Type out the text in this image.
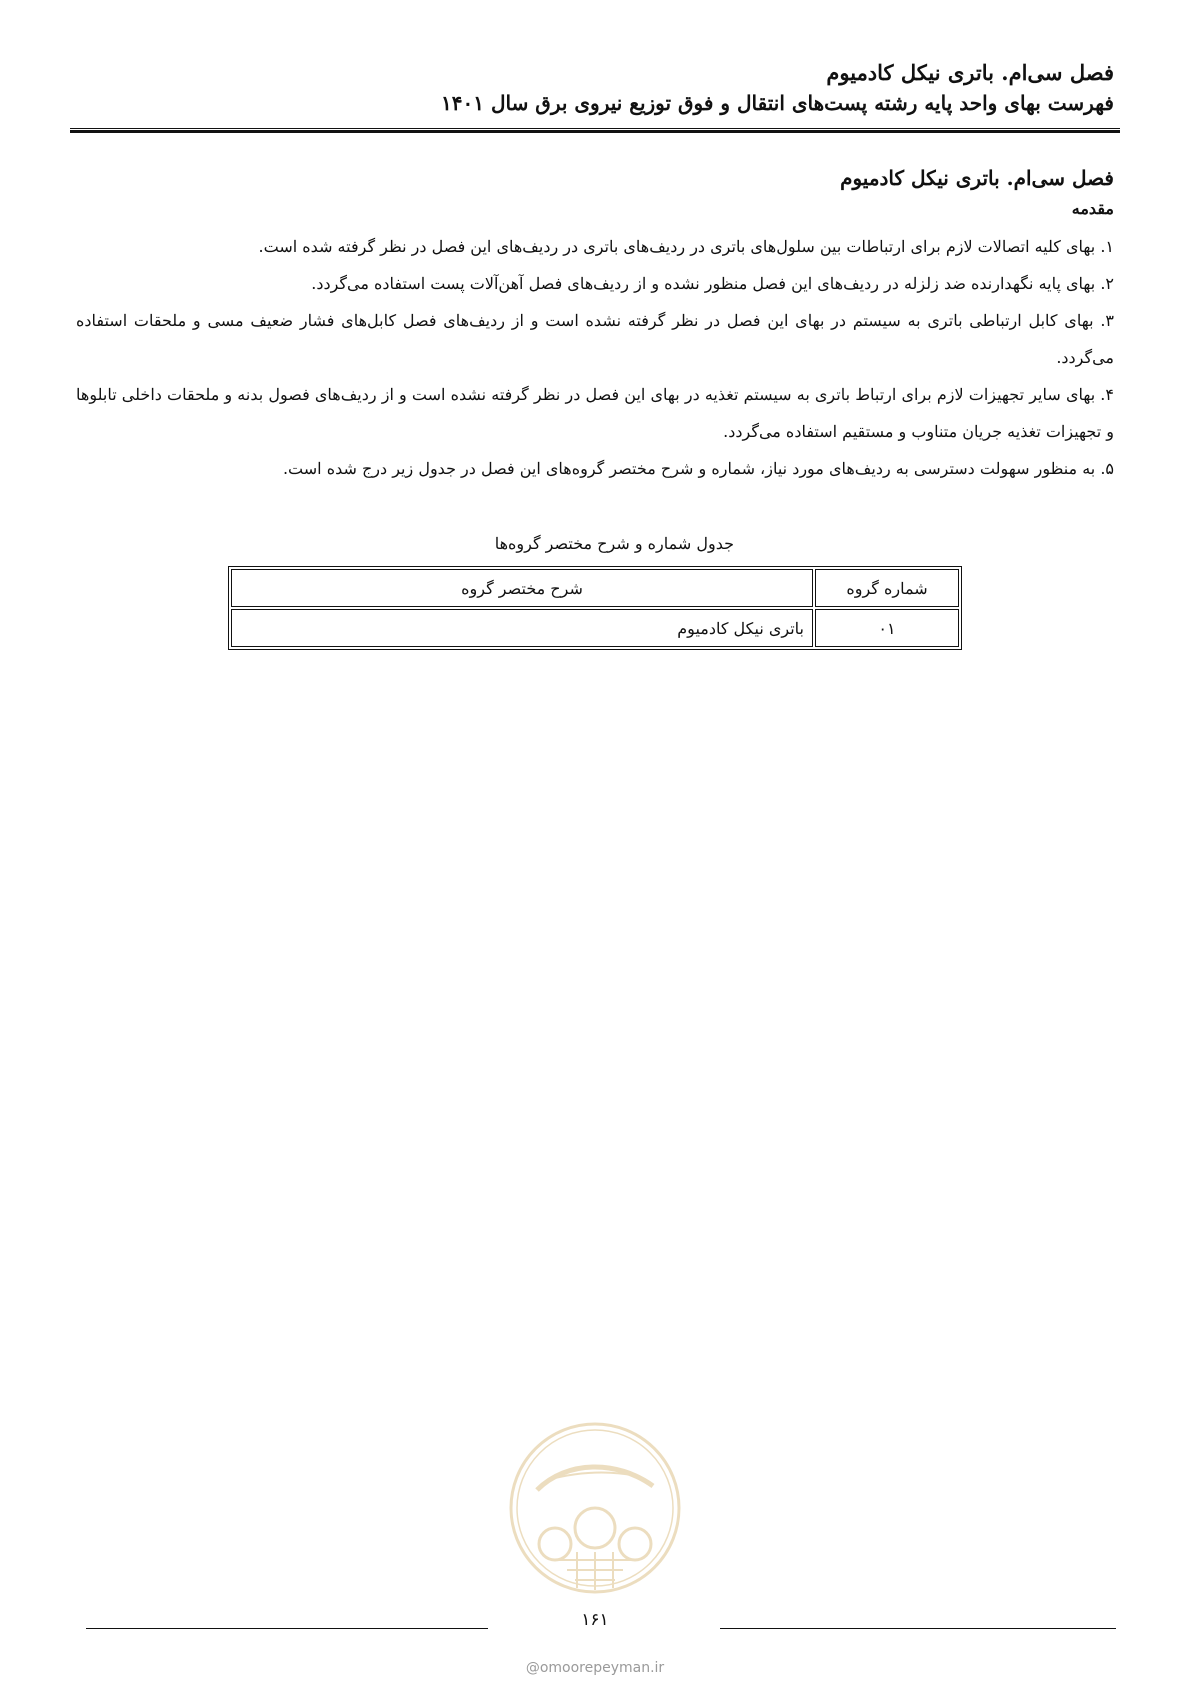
فصل سی‌ام. باتری نیکل کادمیوم
فهرست بهای واحد پایه رشته پست‌های انتقال و فوق توزیع نیروی برق سال ۱۴۰۱
فصل سی‌ام. باتری نیکل کادمیوم
مقدمه
۱. بهای کلیه اتصالات لازم برای ارتباطات بین سلول‌های باتری در ردیف‌های باتری در ردیف‌های این فصل در نظر گرفته شده است.
۲. بهای پایه نگهدارنده ضد زلزله در ردیف‌های این فصل منظور نشده و از ردیف‌های فصل آهن‌آلات پست استفاده می‌گردد.
۳. بهای کابل ارتباطی باتری به سیستم در بهای این فصل در نظر گرفته نشده است و از ردیف‌های فصل کابل‌های فشار ضعیف مسی و ملحقات استفاده می‌گردد.
۴. بهای سایر تجهیزات لازم برای ارتباط باتری به سیستم تغذیه در بهای این فصل در نظر گرفته نشده است و از ردیف‌های فصول بدنه و ملحقات داخلی تابلوها و تجهیزات تغذیه جریان متناوب و مستقیم استفاده می‌گردد.
۵. به منظور سهولت دسترسی به ردیف‌های مورد نیاز، شماره و شرح مختصر گروه‌های این فصل در جدول زیر درج شده است.
جدول شماره و شرح مختصر گروه‌ها
شماره گروه	شرح مختصر گروه
۰۱	باتری نیکل کادمیوم
۱۶۱
@omoorepeyman.ir
